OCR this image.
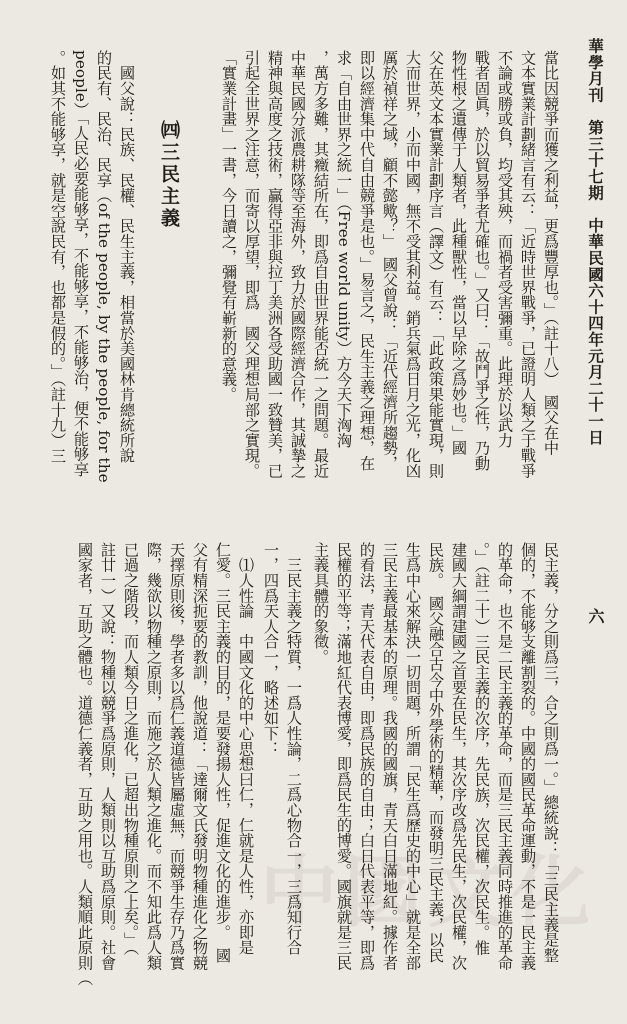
華學月刊　第三十七期　中華民國六十四年元月二十一日
六
中國文化
民主義，分之則爲三，合之則爲一。」總統說：「三民主義是整
個的，不能够支離割裂的。中國的國民革命運動，不是一民主義
的革命，也不是二民主義的革命，而是三民主義同時推進的革命
。」（註二十）三民主義的次序，先民族，次民權，次民生。惟
建國大綱謂建國之首要在民生，其次序改爲先民生，次民權，次
民族。　國父融合古今中外學術的精華，而發明三民主義，以民
生爲中心來解決一切問題，所謂「民生爲歷史的中心」就是全部
三民主義最基本的原理。我國的國旗，青天白日滿地紅。據作者
的看法，青天代表自由，即爲民族的自由；白日代表平等，即爲
民權的平等；滿地紅代表博愛，即爲民生的博愛。國旗就是三民
主義具體的象徵。
　三民主義之特質，一爲人性論，二爲心物合一，三爲知行合
一，四爲天人合一，略述如下：
　⑴人性論　中國文化的中心思想曰仁，仁就是人性，亦即是
仁愛。三民主義的目的，是要發揚人性，促進文化的進步。　國
父有精深扼要的教訓，他說道：「達爾文氏發明物種進化之物競
天擇原則後，學者多以爲仁義道德皆屬虛無，而競爭生存乃爲實
際，幾欲以物種之原則，而施之於人類之進化。而不知此爲人類
已過之階段，而人類今日之進化，已超出物種原則之上矣。」（
註廿一）又說：物種以競爭爲原則，人類則以互助爲原則。社會
國家者，互助之體也。道德仁義者，互助之用也。人類順此原則（
當比因競爭而獲之利益，更爲豐厚也。」（註十八）　國父在中
文本實業計劃緒言有云：「近時世界戰爭，已證明人類之于戰爭
不論或勝或負，均受其殃，而禍者受害彌重。此理於以武力
戰者固眞，於以貿易爭者尤確也。」又曰：「故鬥爭之性，乃動
物性根之遺傳于人類者，此種獸性，當以早除之爲妙也。」國
父在英文本實業計劃序言（譯文）有云：「此政策果能實現，則
大而世界，小而中國，無不受其利益。銷兵氣爲日月之光，化凶
厲於禎祥之域，顧不懿歟？」　國父曾說：「近代經濟所趨勢，
即以經濟集中代自由競爭是也。」易言之，民生主義之理想，在
求「自由世界之統一」（Free world unity）方今天下洶洶
，萬方多難，其癥結所在，即爲自由世界能否統一之問題。最近
中華民國分派農耕隊等至海外，致力於國際經濟合作，其誠摯之
精神與高度之技術，贏得亞非與拉丁美洲各受助國一致贊美，已
引起全世界之注意，而寄以厚望，即爲　國父理想局部之實現。
「實業計畫」一書，今日讀之，彌覺有嶄新的意義。
㈣三民主義
　國父說：民族、民權、民生主義，相當於美國林肯總統所說
的民有、民治、民享（of the people, by the people, for the
people）「人民必要能够享，不能够享，不能够治，便不能够享
。如其不能够享，就是空說民有，也都是假的。」（註十九）三
